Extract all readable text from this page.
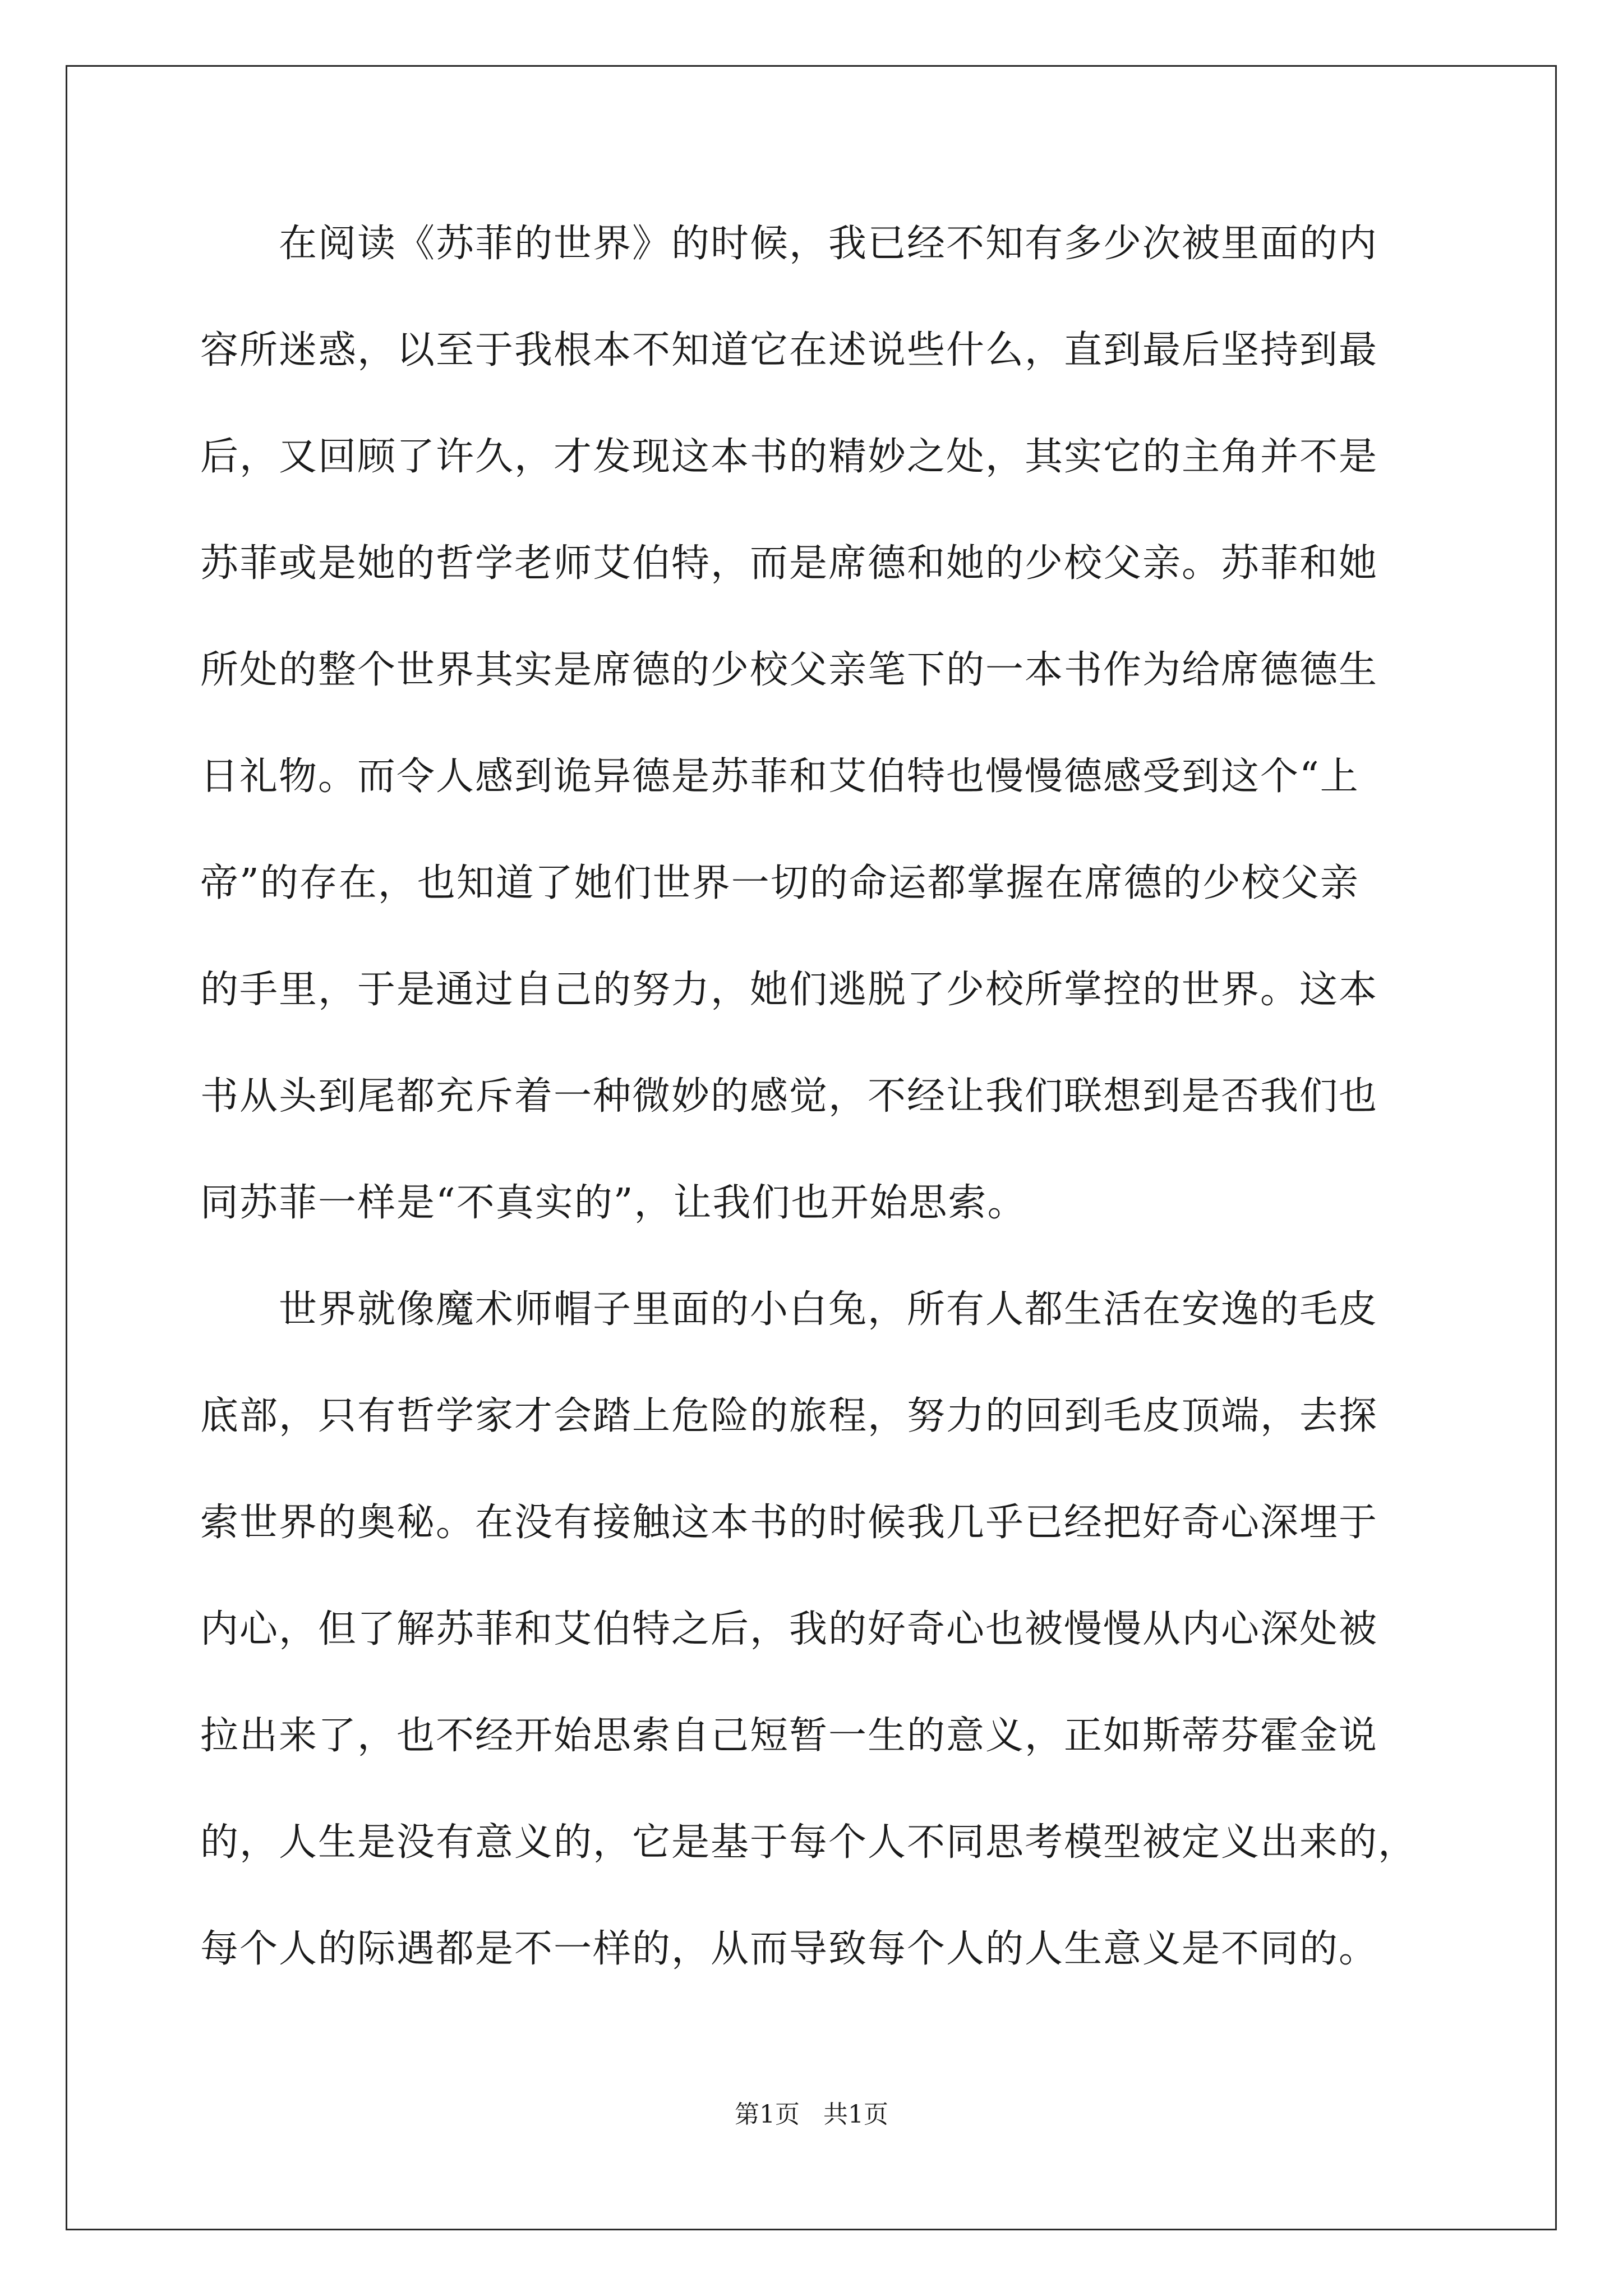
在阅读《苏菲的世界》的时候，我已经不知有多少次被里面的内
容所迷惑，以至于我根本不知道它在述说些什么，直到最后坚持到最
后，又回顾了许久，才发现这本书的精妙之处，其实它的主角并不是
苏菲或是她的哲学老师艾伯特，而是席德和她的少校父亲。苏菲和她
所处的整个世界其实是席德的少校父亲笔下的一本书作为给席德德生
日礼物。而令人感到诡异德是苏菲和艾伯特也慢慢德感受到这个“上
帝”的存在，也知道了她们世界一切的命运都掌握在席德的少校父亲
的手里，于是通过自己的努力，她们逃脱了少校所掌控的世界。这本
书从头到尾都充斥着一种微妙的感觉，不经让我们联想到是否我们也
同苏菲一样是“不真实的”，让我们也开始思索。
世界就像魔术师帽子里面的小白兔，所有人都生活在安逸的毛皮
底部，只有哲学家才会踏上危险的旅程，努力的回到毛皮顶端，去探
索世界的奥秘。在没有接触这本书的时候我几乎已经把好奇心深埋于
内心，但了解苏菲和艾伯特之后，我的好奇心也被慢慢从内心深处被
拉出来了，也不经开始思索自己短暂一生的意义，正如斯蒂芬霍金说
的，人生是没有意义的，它是基于每个人不同思考模型被定义出来的，
每个人的际遇都是不一样的，从而导致每个人的人生意义是不同的。
第1页   共1页
